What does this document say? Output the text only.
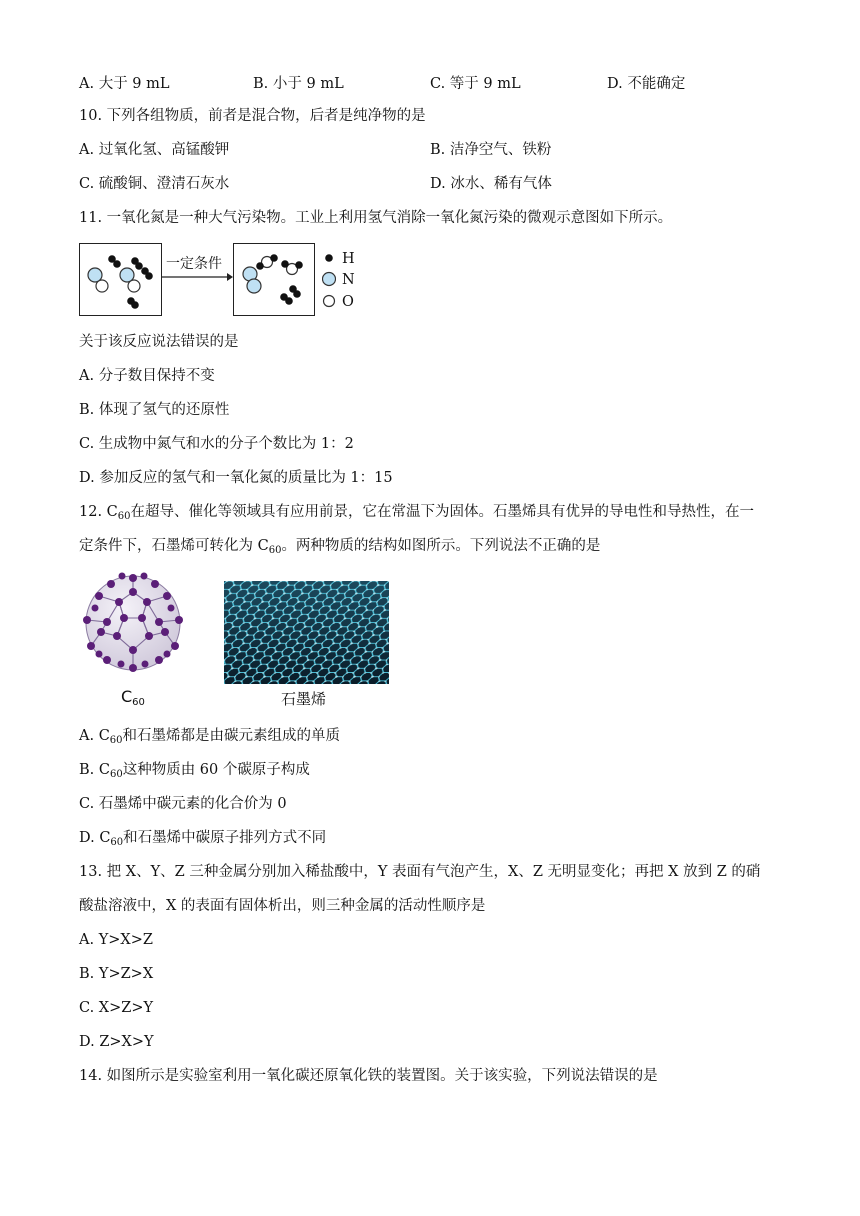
A. 大于 9 mL	B. 小于 9 mL	C. 等于 9 mL	D. 不能确定
10. 下列各组物质，前者是混合物，后者是纯净物的是
A. 过氧化氢、高锰酸钾	B. 洁净空气、铁粉
C. 硫酸铜、澄清石灰水	D. 冰水、稀有气体
11. 一氧化氮是一种大气污染物。工业上利用氢气消除一氧化氮污染的微观示意图如下所示。
一定条件	H
N
O
关于该反应说法错误的是
A. 分子数目保持不变
B. 体现了氢气的还原性
C. 生成物中氮气和水的分子个数比为 1：2
D. 参加反应的氢气和一氧化氮的质量比为 1：15
12. $C_{60}$在超导、催化等领域具有应用前景，它在常温下为固体。石墨烯具有优异的导电性和导热性，在一
定条件下，石墨烯可转化为 $C_{60}$。两种物质的结构如图所示。下列说法不正确的是
$C_{60}$	石墨烯
A. $C_{60}$和石墨烯都是由碳元素组成的单质
B. $C_{60}$这种物质由 60 个碳原子构成
C. 石墨烯中碳元素的化合价为 0
D. $C_{60}$和石墨烯中碳原子排列方式不同
13. 把 X、Y、Z 三种金属分别加入稀盐酸中，Y 表面有气泡产生，X、Z 无明显变化；再把 X 放到 Z 的硝
酸盐溶液中，X 的表面有固体析出，则三种金属的活动性顺序是
A. Y>X>Z
B. Y>Z>X
C. X>Z>Y
D. Z>X>Y
14. 如图所示是实验室利用一氧化碳还原氧化铁的装置图。关于该实验，下列说法错误的是
